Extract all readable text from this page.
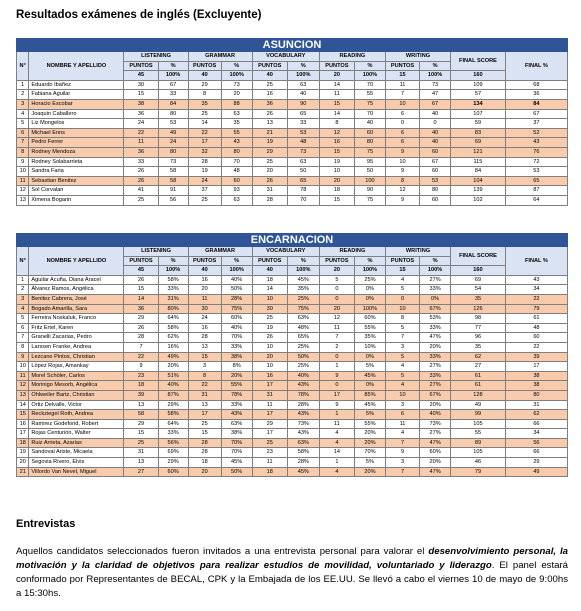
Resultados exámenes de inglés (Excluyente)
ASUNCION													
N°	NOMBRE Y APELLIDO	LISTENING		GRAMMAR		VOCABULARY		READING		WRITING		FINAL SCORE	FINAL %
		PUNTOS	%	PUNTOS	%	PUNTOS	%	PUNTOS	%	PUNTOS	%		
		45	100%	40	100%	40	100%	20	100%	15	100%	160	
1	Eduardo Ibañez	30	67	29	73	25	63	14	70	11	73	109	68
2	Fabiana Aguilar	15	33	8	20	16	40	11	55	7	47	57	36
3	Horacio Escobar	38	84	35	88	36	90	15	75	10	67	134	84
4	Joaquin Caballero	36	80	25	63	26	65	14	70	6	40	107	67
5	Liz Mongelos	24	53	14	35	13	33	8	40	0	0	59	37
6	Michael Enns	22	49	22	55	21	53	12	60	6	40	83	52
7	Pedro Ferrer	11	24	17	43	19	48	16	80	6	40	69	43
8	Rodney Mendoza	36	80	32	80	29	73	15	75	9	60	121	76
9	Rodney Solabarrieta	33	73	28	70	25	63	19	95	10	67	115	72
10	Sandra Faria	26	58	19	48	20	50	10	50	9	60	84	53
11	Sebastian Benitez	26	58	24	60	26	65	20	100	8	53	104	65
12	Sol Corvalan	41	91	37	93	31	78	18	90	12	80	139	87
13	Ximena Bogarin	25	56	25	63	28	70	15	75	9	60	102	64
ENCARNACION													
N°	NOMBRE Y APELLIDO	LISTENING		GRAMMAR		VOCABULARY		READING		WRITING		FINAL SCORE	FINAL %
		PUNTOS	%	PUNTOS	%	PUNTOS	%	PUNTOS	%	PUNTOS	%		
		45	100%	40	100%	40	100%	20	100%	15	100%	160	
1	Aguilar Acuña, Diana Aracel	26	58%	16	40%	18	45%	5	25%	4	27%	69	43
2	Álvarez Ramos, Angélica	15	33%	20	50%	14	35%	0	0%	5	33%	54	34
3	Benitez Cabrera, José	14	31%	11	28%	10	25%	0	0%	0	0%	35	22
4	Bogado Amarilla, Sara	36	80%	30	75%	30	75%	20	100%	10	67%	126	79
5	Ferreira Noskaluk, Franco	29	64%	24	60%	25	63%	12	60%	8	53%	98	61
6	Fritz Ertel, Karen	26	58%	16	40%	19	48%	11	55%	5	33%	77	48
7	Granelli Zacarias, Pedro	28	62%	28	70%	26	65%	7	35%	7	47%	96	60
8	Larssen Franke, Andrea	7	16%	13	33%	10	25%	2	10%	3	20%	35	22
9	Lezcano Pintos, Christian	22	49%	15	38%	20	50%	0	0%	5	33%	62	39
10	López Rojas, Amankay	9	20%	3	8%	10	25%	1	5%	4	27%	27	17
11	Morel Schöler, Carlos	23	51%	8	20%	16	40%	9	45%	5	33%	61	38
12	Morinigo Mesorb, Angélica	18	40%	22	55%	17	43%	0	0%	4	27%	61	38
13	Ohlweiler Bartz, Christian	39	87%	31	78%	31	78%	17	85%	10	67%	128	80
14	Ortiz Delvalle, Victor	13	29%	13	33%	11	28%	9	45%	3	20%	49	31
15	Reckziegel Roth, Andrea	58	58%	17	43%	17	43%	1	5%	6	40%	99	62
16	Ramirez Godeforid, Robert	29	64%	25	63%	29	73%	11	55%	11	73%	105	66
17	Rojas Centurión, Walter	15	33%	15	38%	17	43%	4	20%	4	27%	55	34
18	Ruiz Arrieta, Azarias	25	56%	28	70%	25	63%	4	20%	7	47%	89	56
19	Sandoval Ariste, Micaela	31	69%	28	70%	23	58%	14	70%	9	60%	105	66
20	Segovia Rivero, Elvis	13	29%	18	45%	11	28%	1	5%	3	20%	46	29
21	Villordo Van Nevel, Miguel	27	60%	20	50%	18	45%	4	20%	7	47%	79	49
Entrevistas
Aquellos candidatos seleccionados fueron invitados a una entrevista personal para valorar el desenvolvimiento personal, la motivación y la claridad de objetivos para realizar estudios de movilidad, voluntariado y liderazgo. El panel estará conformado por Representantes de BECAL, CPK y la Embajada de los EE.UU. Se llevó a cabo el viernes 10 de mayo de 9:00hs a 15:30hs.
